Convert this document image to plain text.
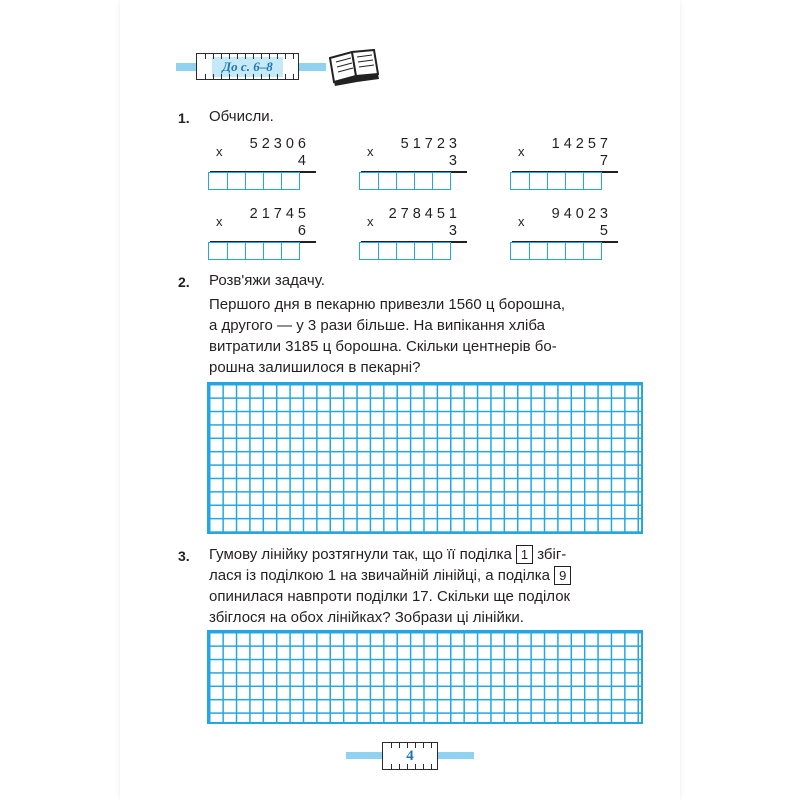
До с. 6–8
1. Обчисли.
x 52306
4
x 51723
3
x 14257
7
x 21745
6
x 278451
3
x 94023
5
2. Розв'яжи задачу.
Першого дня в пекарню привезли 1560 ц борошна,
а другого — у 3 рази більше. На випікання хліба
витратили 3185 ц борошна. Скільки центнерів бо-
рошна залишилося в пекарні?
3. Гумову лінійку розтягнули так, що її поділка 1 збіг-
лася із поділкою 1 на звичайній лінійці, а поділка 9
опинилася навпроти поділки 17. Скільки ще поділок
збіглося на обох лінійках? Зобрази ці лінійки.
4
